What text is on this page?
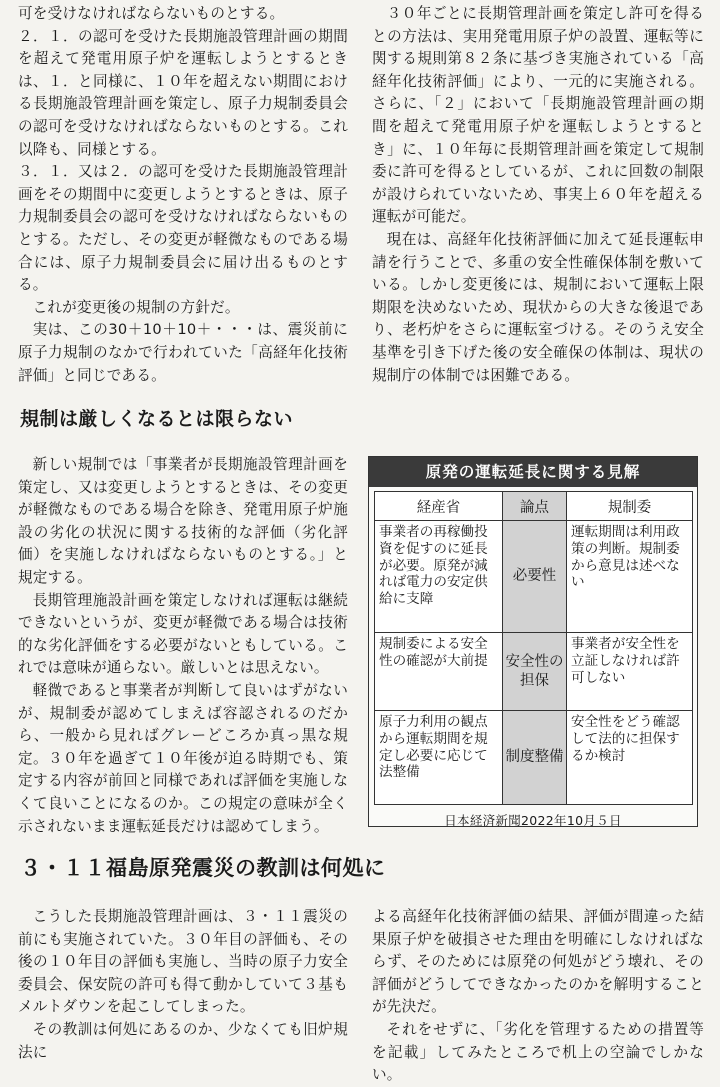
可を受けなければならないものとする。

２．１．の認可を受けた長期施設管理計画の期間を超えて発電用原子炉を運転しようとするときは、１．と同様に、１０年を超えない期間における長期施設管理計画を策定し、原子力規制委員会の認可を受けなければならないものとする。これ以降も、同様とする。

３．１．又は２．の認可を受けた長期施設管理計画をその期間中に変更しようとするときは、原子力規制委員会の認可を受けなければならないものとする。ただし、その変更が軽微なものである場合には、原子力規制委員会に届け出るものとする。

これが変更後の規制の方針だ。

実は、この30＋10＋10＋・・・は、震災前に原子力規制のなかで行われていた「高経年化技術評価」と同じである。

３０年ごとに長期管理計画を策定し許可を得るとの方法は、実用発電用原子炉の設置、運転等に関する規則第８２条に基づき実施されている「高経年化技術評価」により、一元的に実施される。さらに、「２」において「長期施設管理計画の期間を超えて発電用原子炉を運転しようとするとき」に、１０年毎に長期管理計画を策定して規制委に許可を得るとしているが、これに回数の制限が設けられていないため、事実上６０年を超える運転が可能だ。

現在は、高経年化技術評価に加えて延長運転申請を行うことで、多重の安全性確保体制を敷いている。しかし変更後には、規制において運転上限期限を決めないため、現状からの大きな後退であり、老朽炉をさらに運転室づける。そのうえ安全基準を引き下げた後の安全確保の体制は、現状の規制庁の体制では困難である。

規制は厳しくなるとは限らない

新しい規制では「事業者が長期施設管理計画を策定し、又は変更しようとするときは、その変更が軽微なものである場合を除き、発電用原子炉施設の劣化の状況に関する技術的な評価（劣化評価）を実施しなければならないものとする。」と規定する。

長期管理施設計画を策定しなければ運転は継続できないというが、変更が軽微である場合は技術的な劣化評価をする必要がないともしている。これでは意味が通らない。厳しいとは思えない。

軽微であると事業者が判断して良いはずがないが、規制委が認めてしまえば容認されるのだから、一般から見ればグレーどころか真っ黒な規定。３０年を過ぎて１０年後が迫る時期でも、策定する内容が前回と同様であれば評価を実施しなくて良いことになるのか。この規定の意味が全く示されないまま運転延長だけは認めてしまう。

原発の運転延長に関する見解
経産省	論点	規制委
事業者の再稼働投資を促すのに延長が必要。原発が減れば電力の安定供給に支障	必要性	運転期間は利用政策の判断。規制委から意見は述べない
規制委による安全性の確認が大前提	安全性の担保	事業者が安全性を立証しなければ許可しない
原子力利用の観点から運転期間を規定し必要に応じて法整備	制度整備	安全性をどう確認して法的に担保するか検討
日本経済新聞2022年10月５日
３・１１福島原発震災の教訓は何処に

こうした長期施設管理計画は、３・１１震災の前にも実施されていた。３０年目の評価も、その後の１０年目の評価も実施し、当時の原子力安全委員会、保安院の許可も得て動かしていて３基もメルトダウンを起こしてしまった。

その教訓は何処にあるのか、少なくても旧炉規法に

よる高経年化技術評価の結果、評価が間違った結果原子炉を破損させた理由を明確にしなければならず、そのためには原発の何処がどう壊れ、その評価がどうしてできなかったのかを解明することが先決だ。

それをせずに、「劣化を管理するための措置等を記載」してみたところで机上の空論でしかない。
